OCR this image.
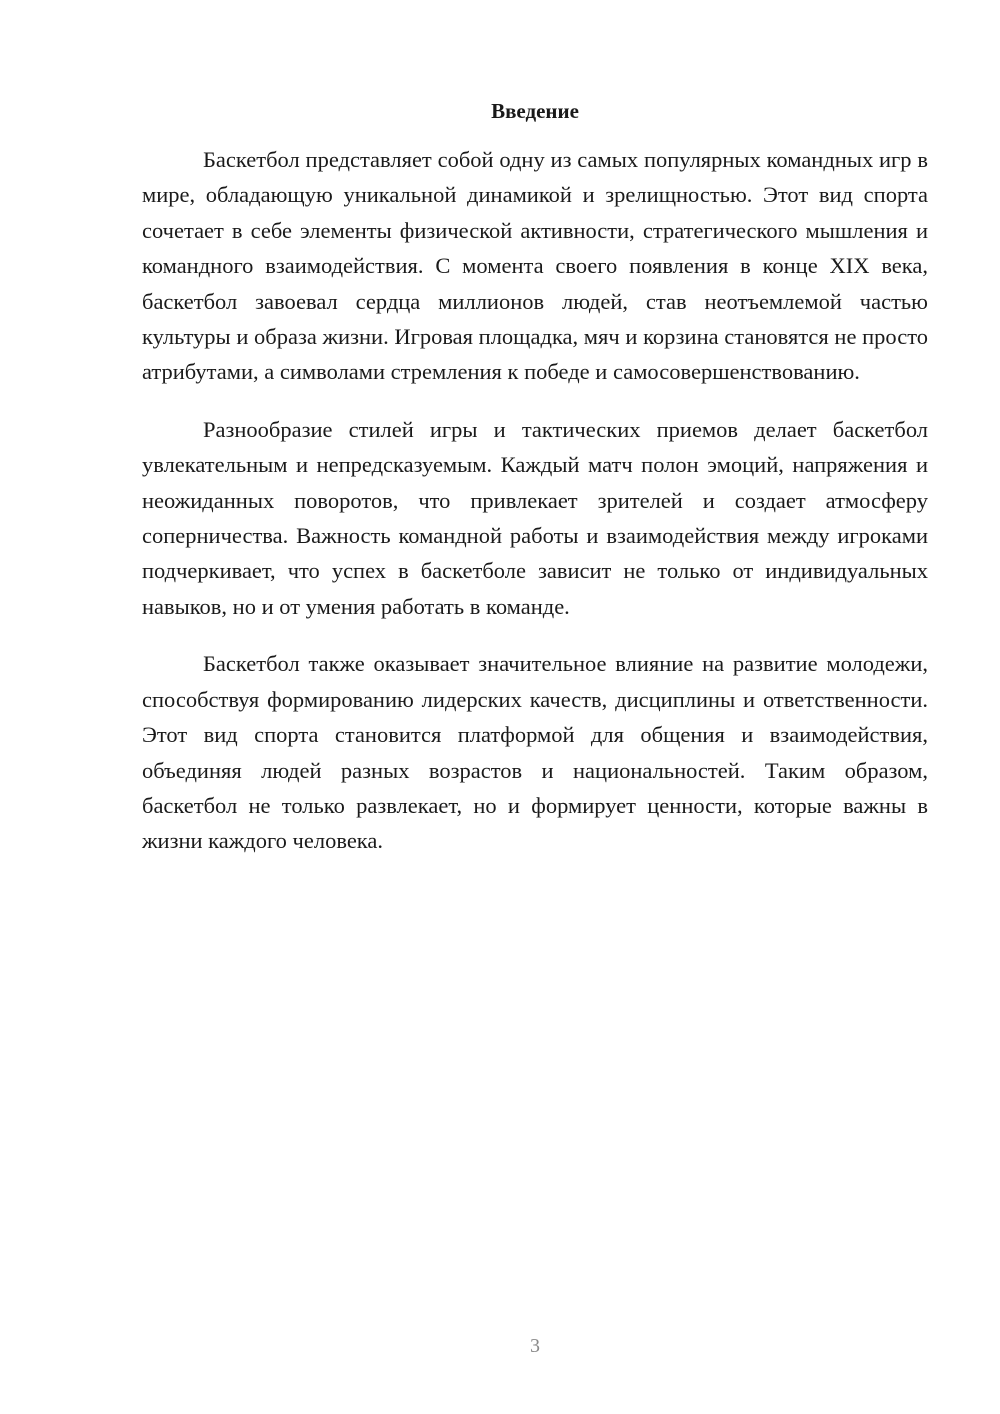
Введение

Баскетбол представляет собой одну из самых популярных командных игр в мире, обладающую уникальной динамикой и зрелищностью. Этот вид спорта сочетает в себе элементы физической активности, стратегического мышления и командного взаимодействия. С момента своего появления в конце XIX века, баскетбол завоевал сердца миллионов людей, став неотъемлемой частью культуры и образа жизни. Игровая площадка, мяч и корзина становятся не просто атрибутами, а символами стремления к победе и самосовершенствованию.

Разнообразие стилей игры и тактических приемов делает баскетбол увлекательным и непредсказуемым. Каждый матч полон эмоций, напряжения и неожиданных поворотов, что привлекает зрителей и создает атмосферу соперничества. Важность командной работы и взаимодействия между игроками подчеркивает, что успех в баскетболе зависит не только от индивидуальных навыков, но и от умения работать в команде.

Баскетбол также оказывает значительное влияние на развитие молодежи, способствуя формированию лидерских качеств, дисциплины и ответственности. Этот вид спорта становится платформой для общения и взаимодействия, объединяя людей разных возрастов и национальностей. Таким образом, баскетбол не только развлекает, но и формирует ценности, которые важны в жизни каждого человека.

3
